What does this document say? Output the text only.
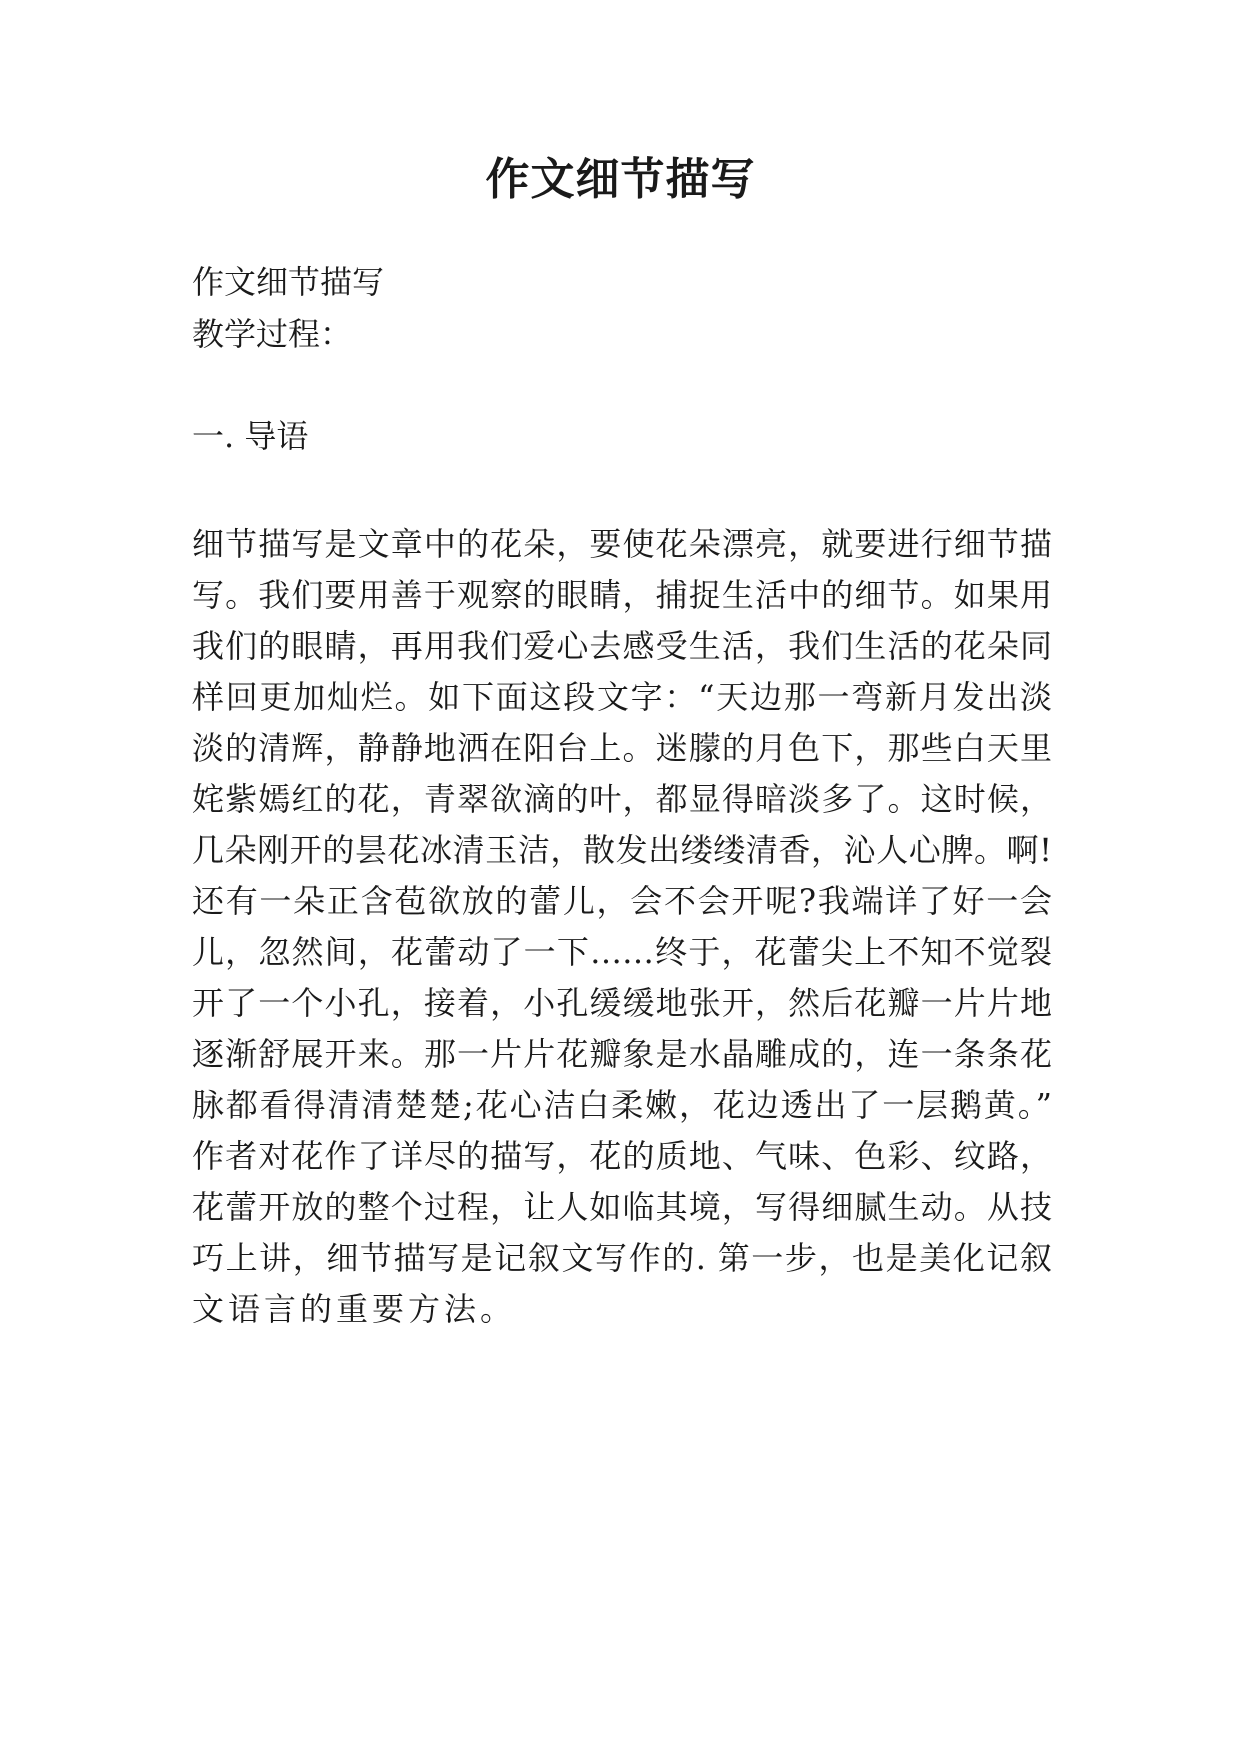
作文细节描写
作文细节描写
教学过程：
一. 导语
细节描写是文章中的花朵，要使花朵漂亮，就要进行细节描
写。我们要用善于观察的眼睛，捕捉生活中的细节。如果用
我们的眼睛，再用我们爱心去感受生活，我们生活的花朵同
样回更加灿烂。如下面这段文字：“天边那一弯新月发出淡
淡的清辉，静静地洒在阳台上。迷朦的月色下，那些白天里
姹紫嫣红的花，青翠欲滴的叶，都显得暗淡多了。这时候，
几朵刚开的昙花冰清玉洁，散发出缕缕清香，沁人心脾。啊!
还有一朵正含苞欲放的蕾儿，会不会开呢?我端详了好一会
儿，忽然间，花蕾动了一下……终于，花蕾尖上不知不觉裂
开了一个小孔，接着，小孔缓缓地张开，然后花瓣一片片地
逐渐舒展开来。那一片片花瓣象是水晶雕成的，连一条条花
脉都看得清清楚楚;花心洁白柔嫩，花边透出了一层鹅黄。”
作者对花作了详尽的描写，花的质地、气味、色彩、纹路，
花蕾开放的整个过程，让人如临其境，写得细腻生动。从技
巧上讲，细节描写是记叙文写作的. 第一步，也是美化记叙
文语言的重要方法。
